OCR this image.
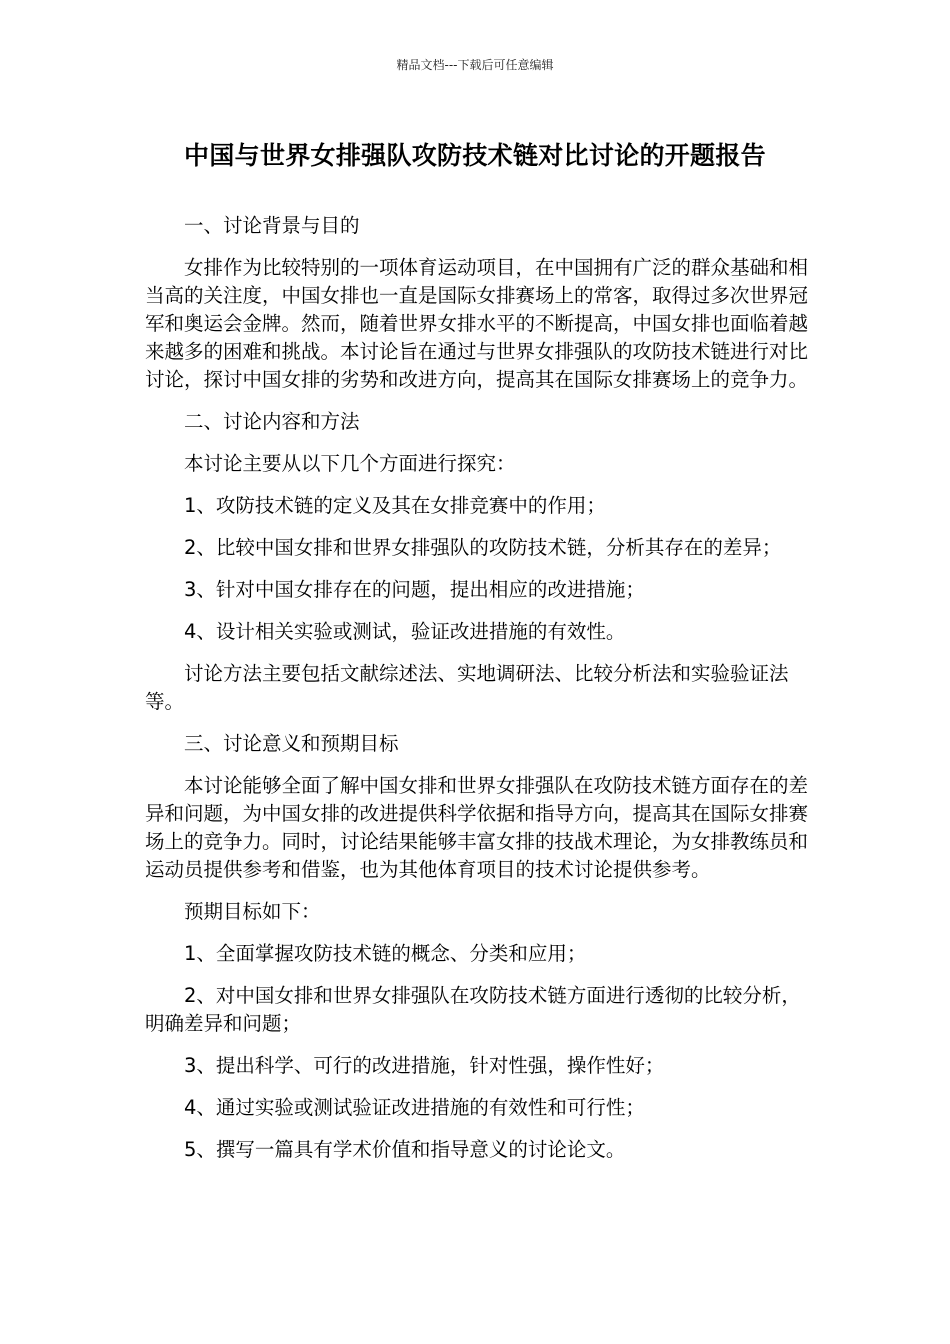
精品文档---下载后可任意编辑
中国与世界女排强队攻防技术链对比讨论的开题报告

一、讨论背景与目的

女排作为比较特别的一项体育运动项目，在中国拥有广泛的群众基础和相当高的关注度，中国女排也一直是国际女排赛场上的常客，取得过多次世界冠军和奥运会金牌。然而，随着世界女排水平的不断提高，中国女排也面临着越来越多的困难和挑战。本讨论旨在通过与世界女排强队的攻防技术链进行对比讨论，探讨中国女排的劣势和改进方向，提高其在国际女排赛场上的竞争力。

二、讨论内容和方法

本讨论主要从以下几个方面进行探究：

1、攻防技术链的定义及其在女排竞赛中的作用；

2、比较中国女排和世界女排强队的攻防技术链，分析其存在的差异；

3、针对中国女排存在的问题，提出相应的改进措施；

4、设计相关实验或测试，验证改进措施的有效性。

讨论方法主要包括文献综述法、实地调研法、比较分析法和实验验证法等。

三、讨论意义和预期目标

本讨论能够全面了解中国女排和世界女排强队在攻防技术链方面存在的差异和问题，为中国女排的改进提供科学依据和指导方向，提高其在国际女排赛场上的竞争力。同时，讨论结果能够丰富女排的技战术理论，为女排教练员和运动员提供参考和借鉴，也为其他体育项目的技术讨论提供参考。

预期目标如下：

1、全面掌握攻防技术链的概念、分类和应用；

2、对中国女排和世界女排强队在攻防技术链方面进行透彻的比较分析，明确差异和问题；

3、提出科学、可行的改进措施，针对性强，操作性好；

4、通过实验或测试验证改进措施的有效性和可行性；

5、撰写一篇具有学术价值和指导意义的讨论论文。
